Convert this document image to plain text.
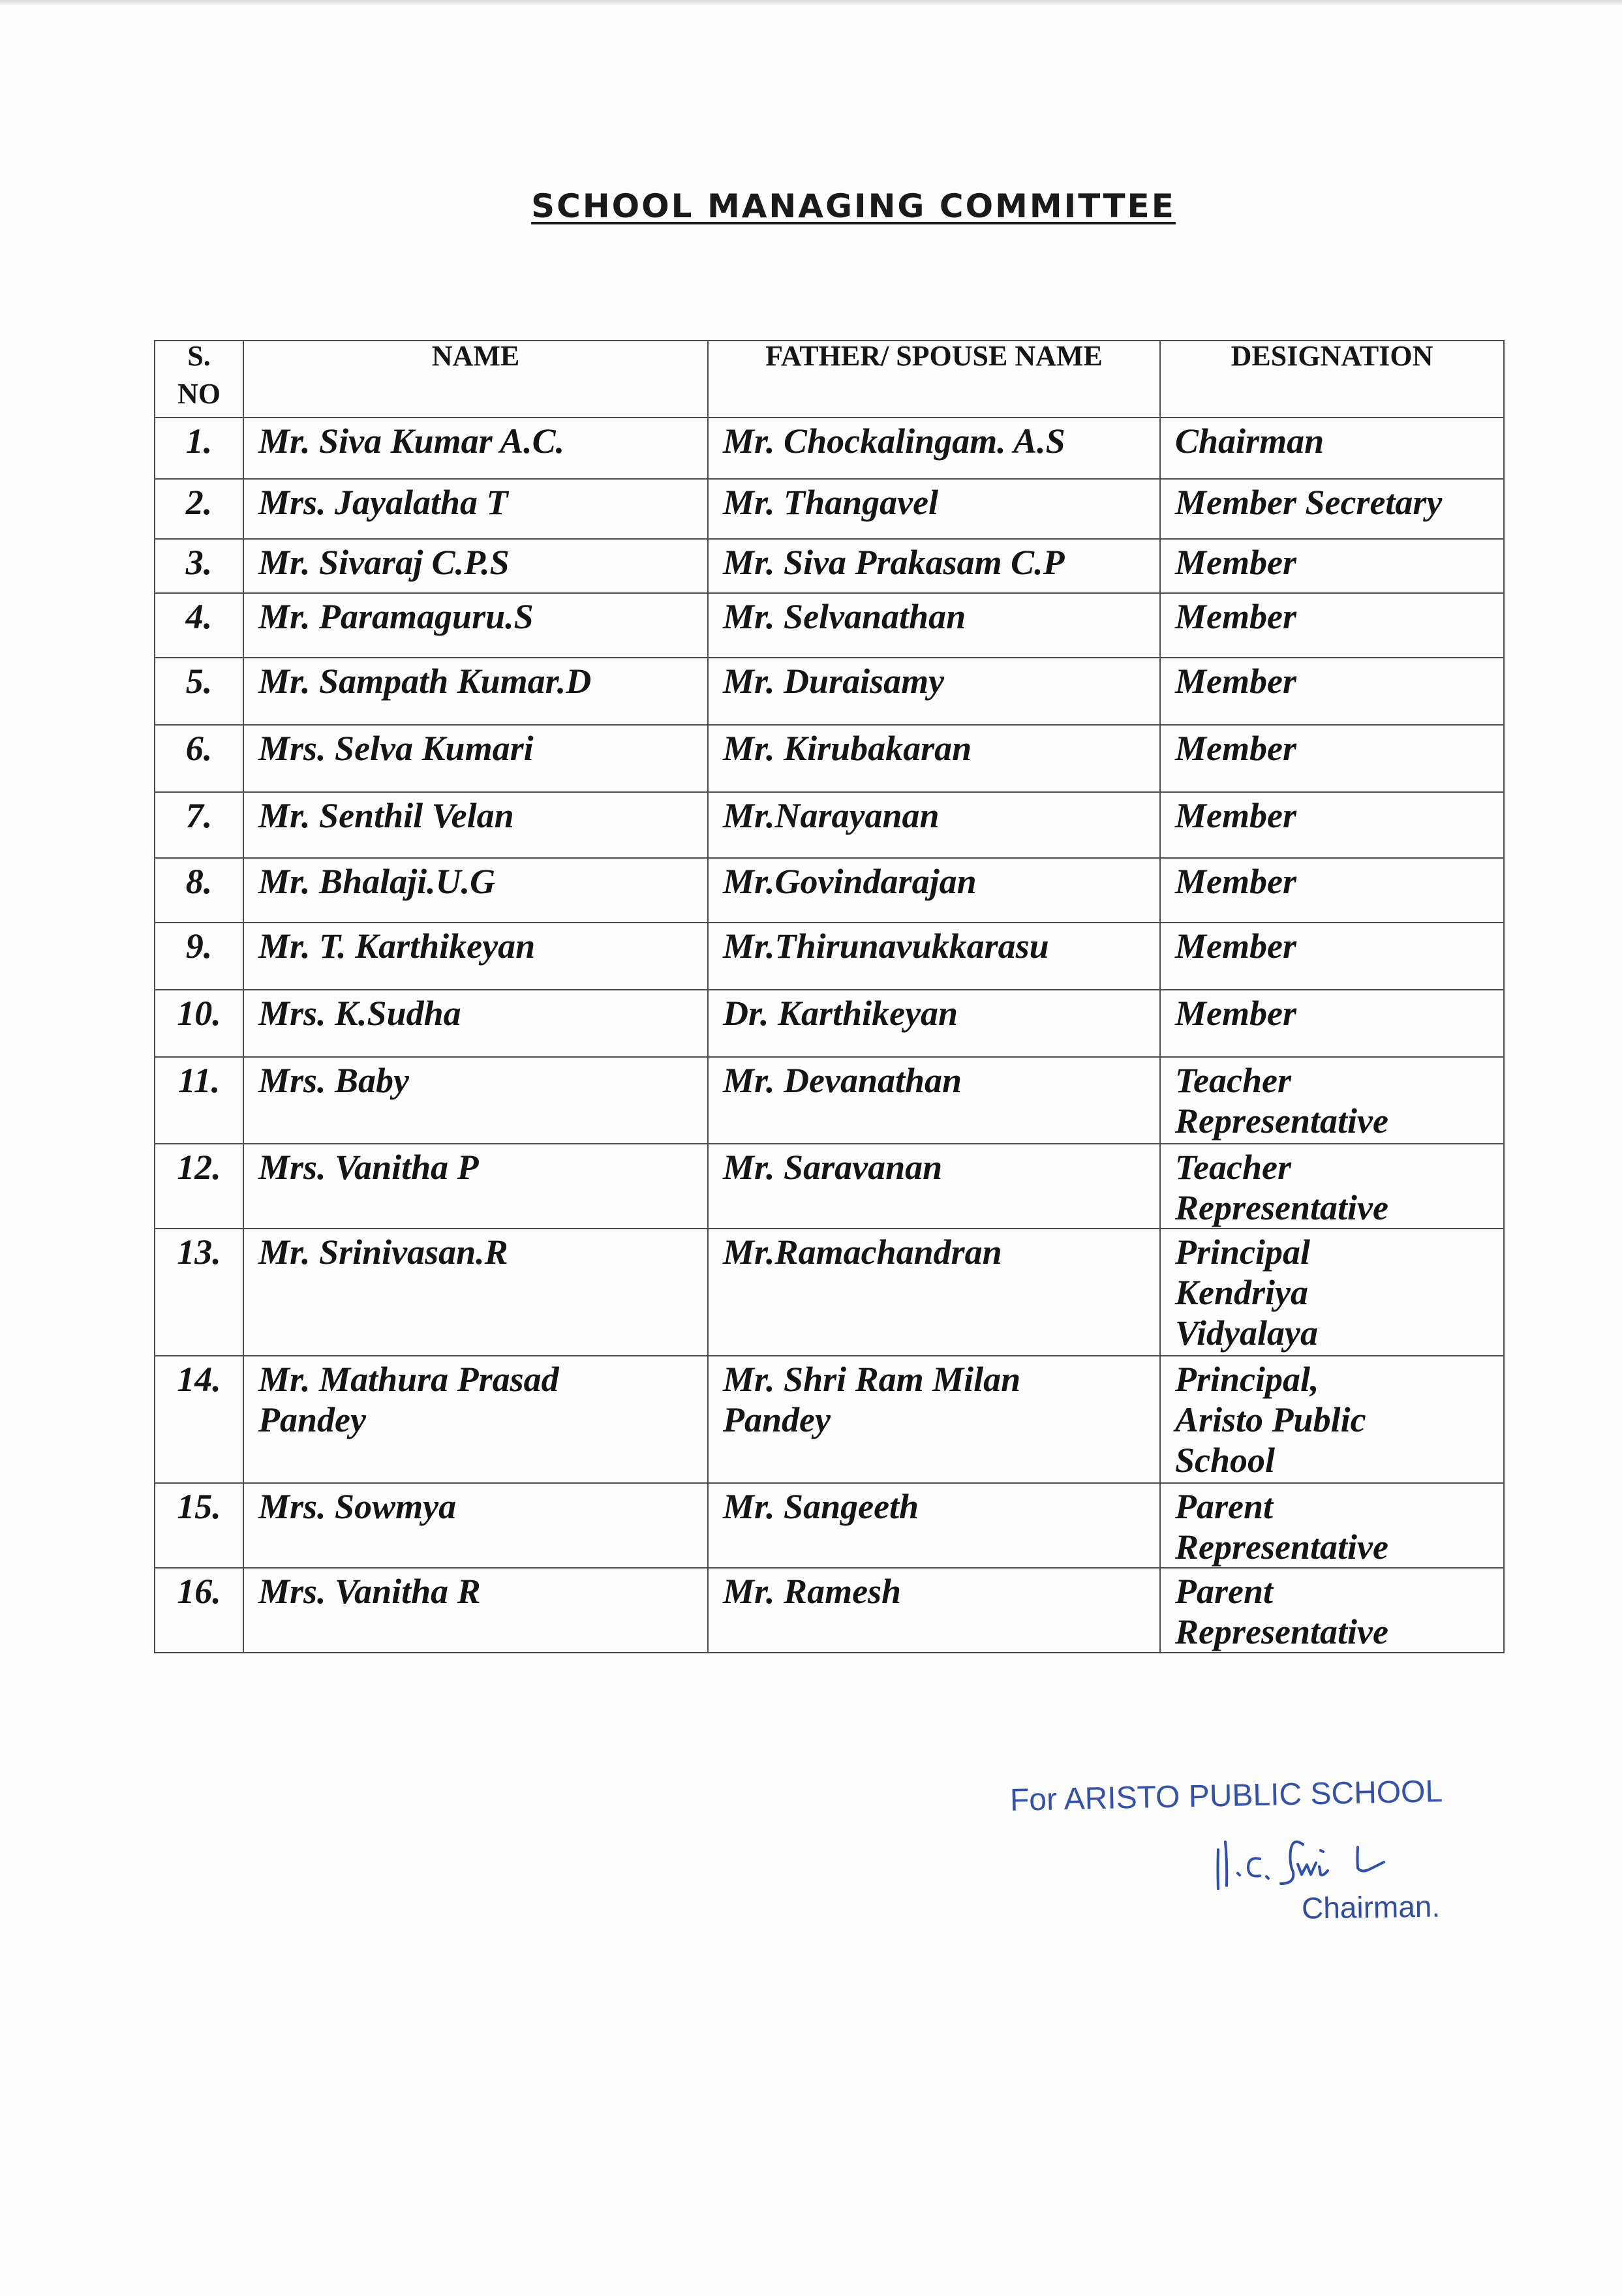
SCHOOL MANAGING COMMITTEE
S.
NO	NAME	FATHER/ SPOUSE NAME	DESIGNATION

1.	Mr. Siva Kumar A.C.	Mr. Chockalingam. A.S	Chairman
2.	Mrs. Jayalatha T	Mr. Thangavel	Member Secretary
3.	Mr. Sivaraj C.P.S	Mr. Siva Prakasam C.P	Member
4.	Mr. Paramaguru.S	Mr. Selvanathan	Member
5.	Mr. Sampath Kumar.D	Mr. Duraisamy	Member
6.	Mrs. Selva Kumari	Mr. Kirubakaran	Member
7.	Mr. Senthil Velan	Mr.Narayanan	Member
8.	Mr. Bhalaji.U.G	Mr.Govindarajan	Member
9.	Mr. T. Karthikeyan	Mr.Thirunavukkarasu	Member
10.	Mrs. K.Sudha	Dr. Karthikeyan	Member
11.	Mrs. Baby	Mr. Devanathan	Teacher
Representative
12.	Mrs. Vanitha P	Mr. Saravanan	Teacher
Representative
13.	Mr. Srinivasan.R	Mr.Ramachandran	Principal
Kendriya
Vidyalaya
14.	Mr. Mathura Prasad
Pandey	Mr. Shri Ram Milan
Pandey	Principal,
Aristo Public
School
15.	Mrs. Sowmya	Mr. Sangeeth	Parent
Representative
16.	Mrs. Vanitha R	Mr. Ramesh	Parent
Representative
For ARISTO PUBLIC SCHOOL
Chairman.
